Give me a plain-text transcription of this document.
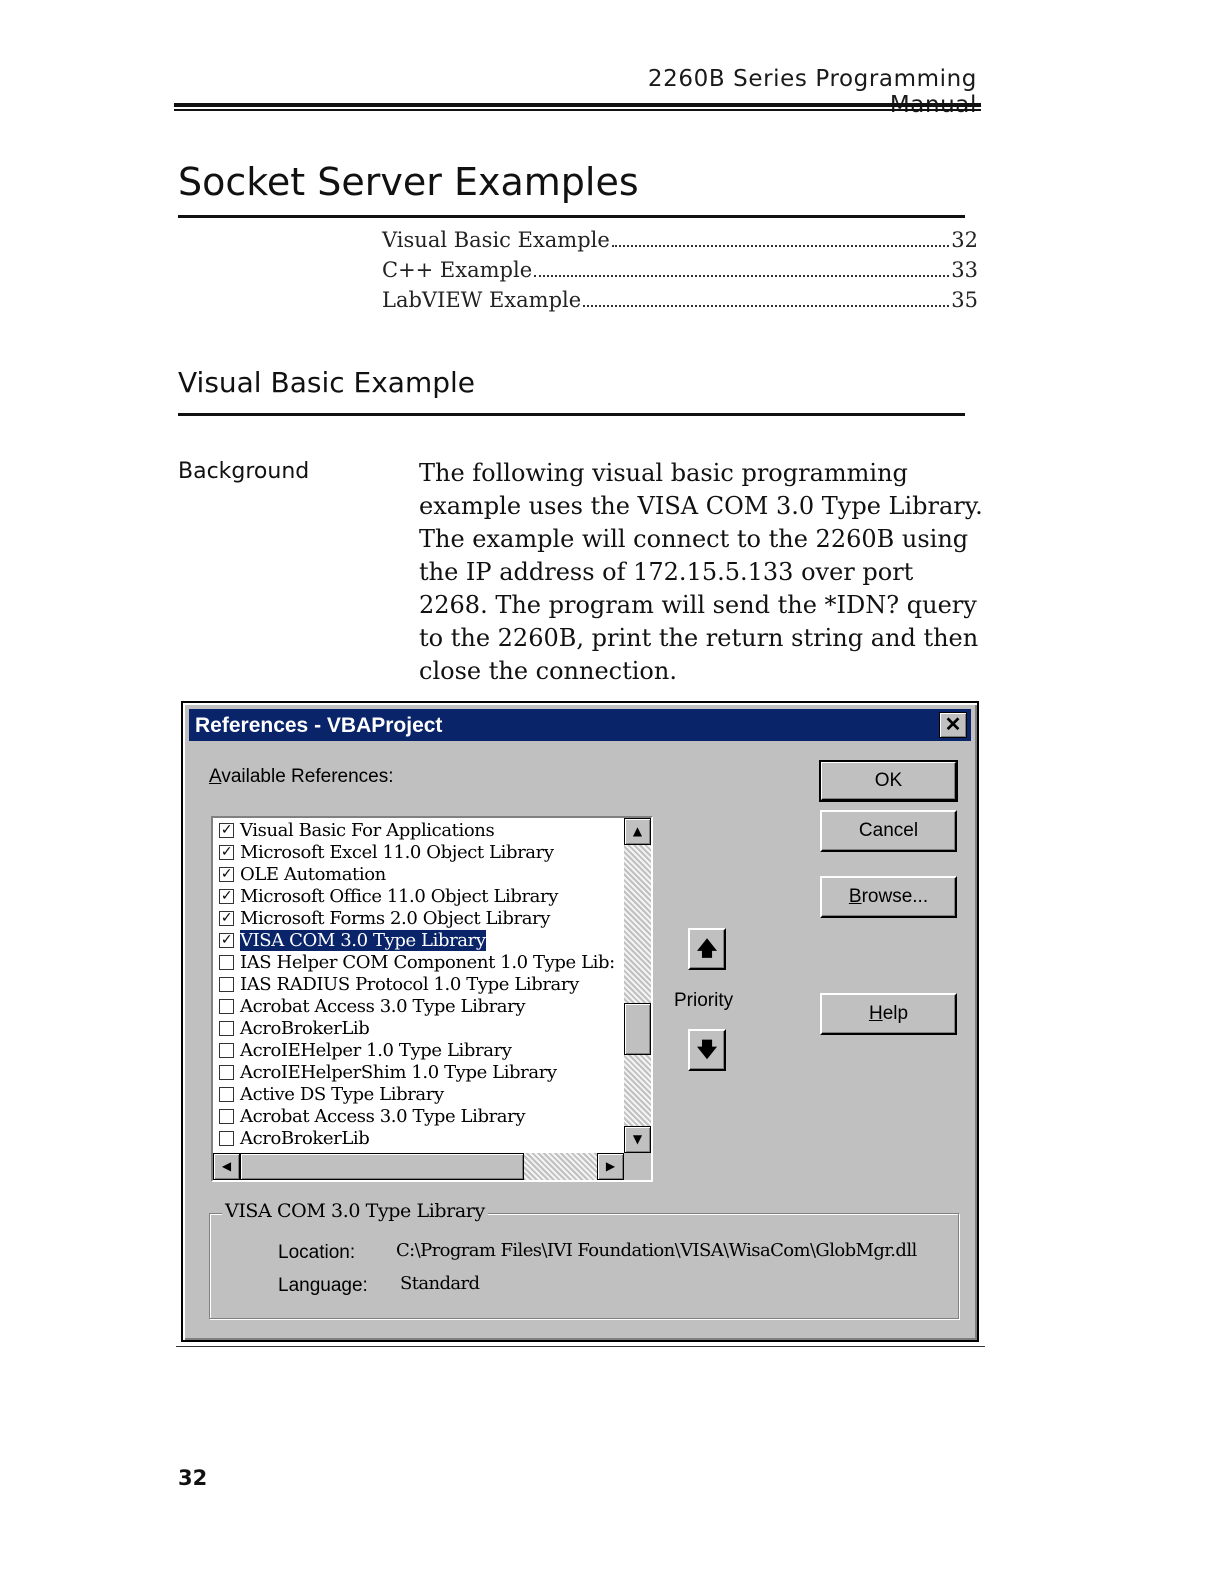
2260B Series Programming
Socket Server Examples
Visual Basic Example	32
C++ Example	33
LabVIEW Example	35
Visual Basic Example
Background	The following visual basic programming example uses the VISA COM 3.0 Type Library. The example will connect to the 2260B using the IP address of 172.15.5.133 over port 2268. The program will send the *IDN? query to the 2260B, print the return string and then close the connection.

References - VBAProject	✕
Available References:
✓ Visual Basic For Applications
✓ Microsoft Excel 11.0 Object Library
✓ OLE Automation
✓ Microsoft Office 11.0 Object Library
✓ Microsoft Forms 2.0 Object Library
✓ VISA COM 3.0 Type Library
IAS Helper COM Component 1.0 Type Lib:
IAS RADIUS Protocol 1.0 Type Library
Acrobat Access 3.0 Type Library
AcroBrokerLib
AcroIEHelper 1.0 Type Library
AcroIEHelperShim 1.0 Type Library
Active DS Type Library
Acrobat Access 3.0 Type Library
AcroBrokerLib
▲
▼
◀	▶
OK
Cancel
Browse...
Help
🡅
Priority
🡇
VISA COM 3.0 Type Library
Location: C:\Program Files\IVI Foundation\VISA\WisaCom\GlobMgr.dll
Language: Standard
32
